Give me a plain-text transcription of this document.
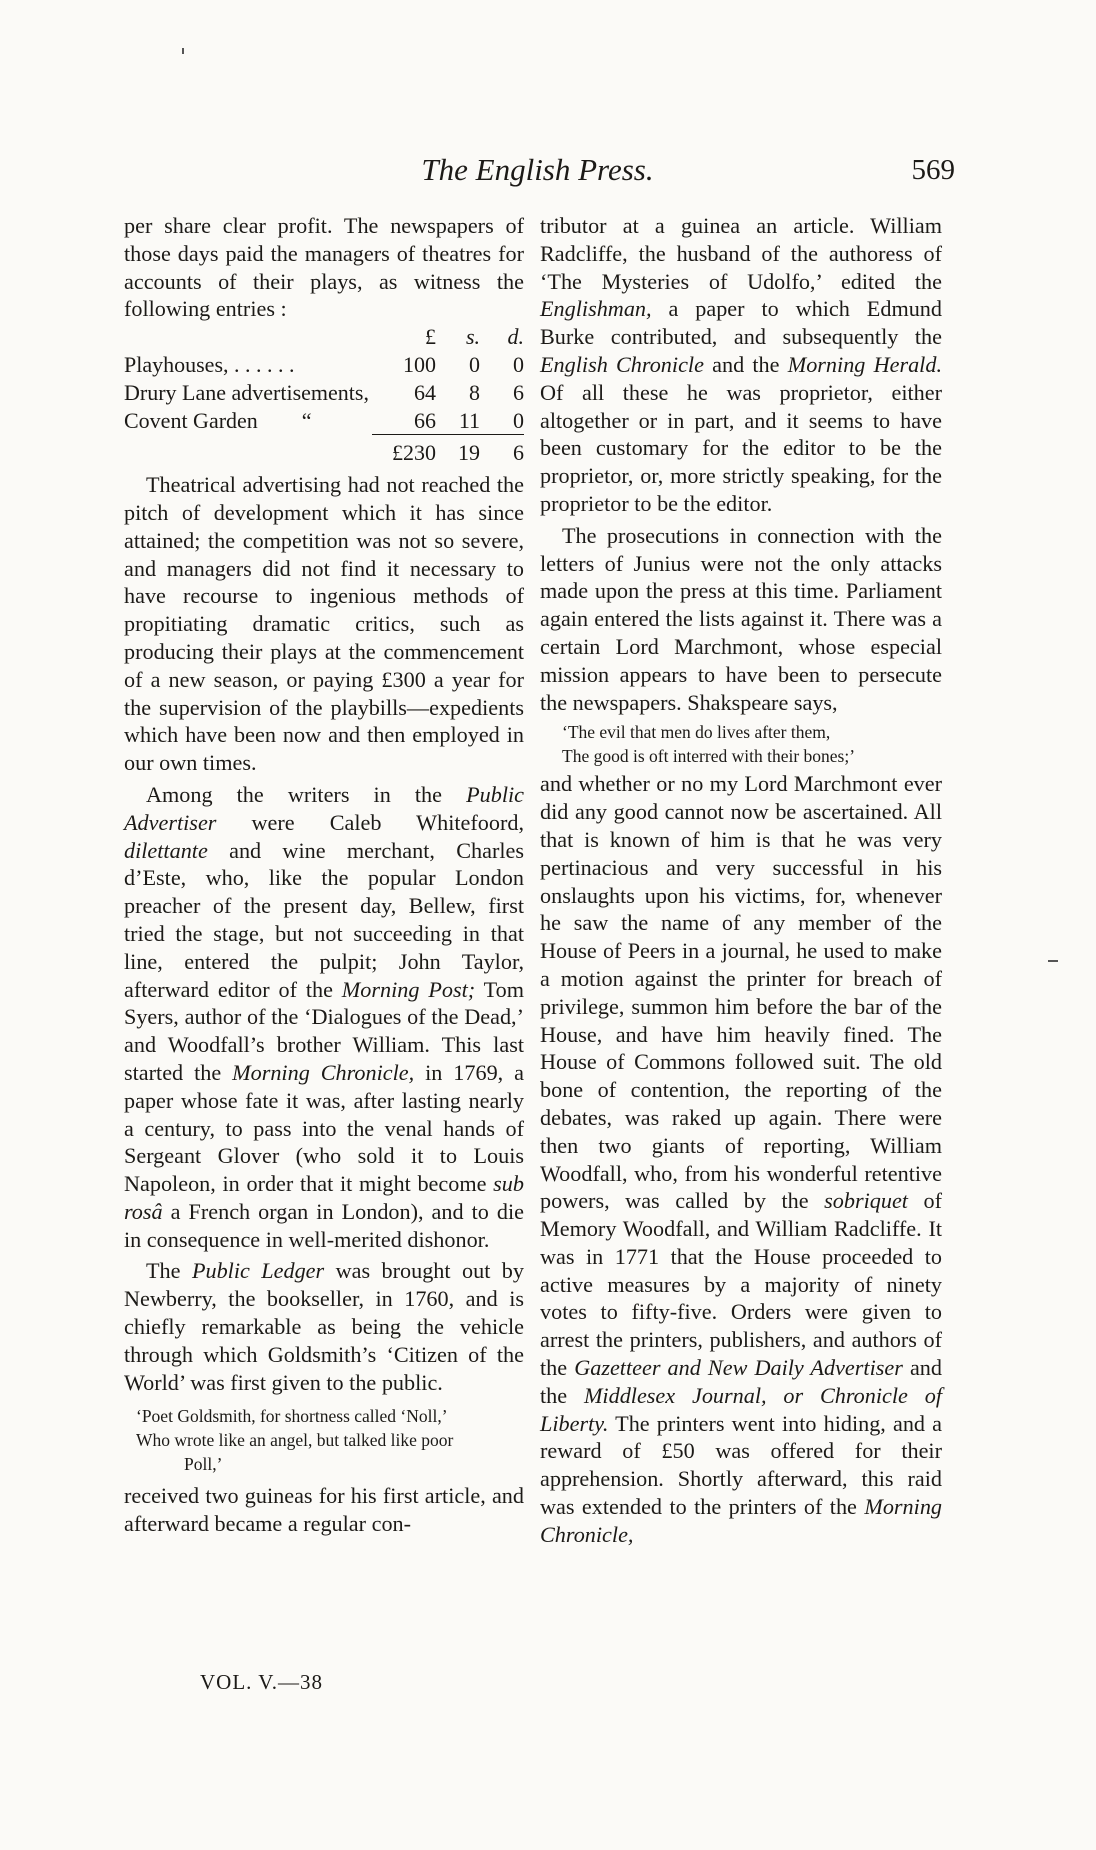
The English Press.	569

per share clear profit. The newspapers of those days paid the managers of theatres for accounts of their plays, as witness the following entries :

	£	s.	d.
Playhouses, . . . . . .	100	0	0
Drury Lane advertisements,	64	8	6
Covent Garden        “	66	11	0
	£230	19	6

Theatrical advertising had not reached the pitch of development which it has since attained; the competition was not so severe, and managers did not find it necessary to have recourse to ingenious methods of propitiating dramatic critics, such as producing their plays at the commencement of a new season, or paying £300 a year for the supervision of the playbills—expedients which have been now and then employed in our own times.

Among the writers in the Public Advertiser were Caleb Whitefoord, dilettante and wine merchant, Charles d’Este, who, like the popular London preacher of the present day, Bellew, first tried the stage, but not succeeding in that line, entered the pulpit; John Taylor, afterward editor of the Morning Post; Tom Syers, author of the ‘Dialogues of the Dead,’ and Woodfall’s brother William. This last started the Morning Chronicle, in 1769, a paper whose fate it was, after lasting nearly a century, to pass into the venal hands of Sergeant Glover (who sold it to Louis Napoleon, in order that it might become sub rosâ a French organ in London), and to die in consequence in well-merited dishonor.

The Public Ledger was brought out by Newberry, the bookseller, in 1760, and is chiefly remarkable as being the vehicle through which Goldsmith’s ‘Citizen of the World’ was first given to the public.

‘Poet Goldsmith, for shortness called ‘Noll,’
Who wrote like an angel, but talked like poor
Poll,’

received two guineas for his first article, and afterward became a regular con-

VOL. V.—38

tributor at a guinea an article. William Radcliffe, the husband of the authoress of ‘The Mysteries of Udolfo,’ edited the Englishman, a paper to which Edmund Burke contributed, and subsequently the English Chronicle and the Morning Herald. Of all these he was proprietor, either altogether or in part, and it seems to have been customary for the editor to be the proprietor, or, more strictly speaking, for the proprietor to be the editor.

The prosecutions in connection with the letters of Junius were not the only attacks made upon the press at this time. Parliament again entered the lists against it. There was a certain Lord Marchmont, whose especial mission appears to have been to persecute the newspapers. Shakspeare says,

‘The evil that men do lives after them,
The good is oft interred with their bones;’

and whether or no my Lord Marchmont ever did any good cannot now be ascertained. All that is known of him is that he was very pertinacious and very successful in his onslaughts upon his victims, for, whenever he saw the name of any member of the House of Peers in a journal, he used to make a motion against the printer for breach of privilege, summon him before the bar of the House, and have him heavily fined. The House of Commons followed suit. The old bone of contention, the reporting of the debates, was raked up again. There were then two giants of reporting, William Woodfall, who, from his wonderful retentive powers, was called by the sobriquet of Memory Woodfall, and William Radcliffe. It was in 1771 that the House proceeded to active measures by a majority of ninety votes to fifty-five. Orders were given to arrest the printers, publishers, and authors of the Gazetteer and New Daily Advertiser and the Middlesex Journal, or Chronicle of Liberty. The printers went into hiding, and a reward of £50 was offered for their apprehension. Shortly afterward, this raid was extended to the printers of the Morning Chronicle,
